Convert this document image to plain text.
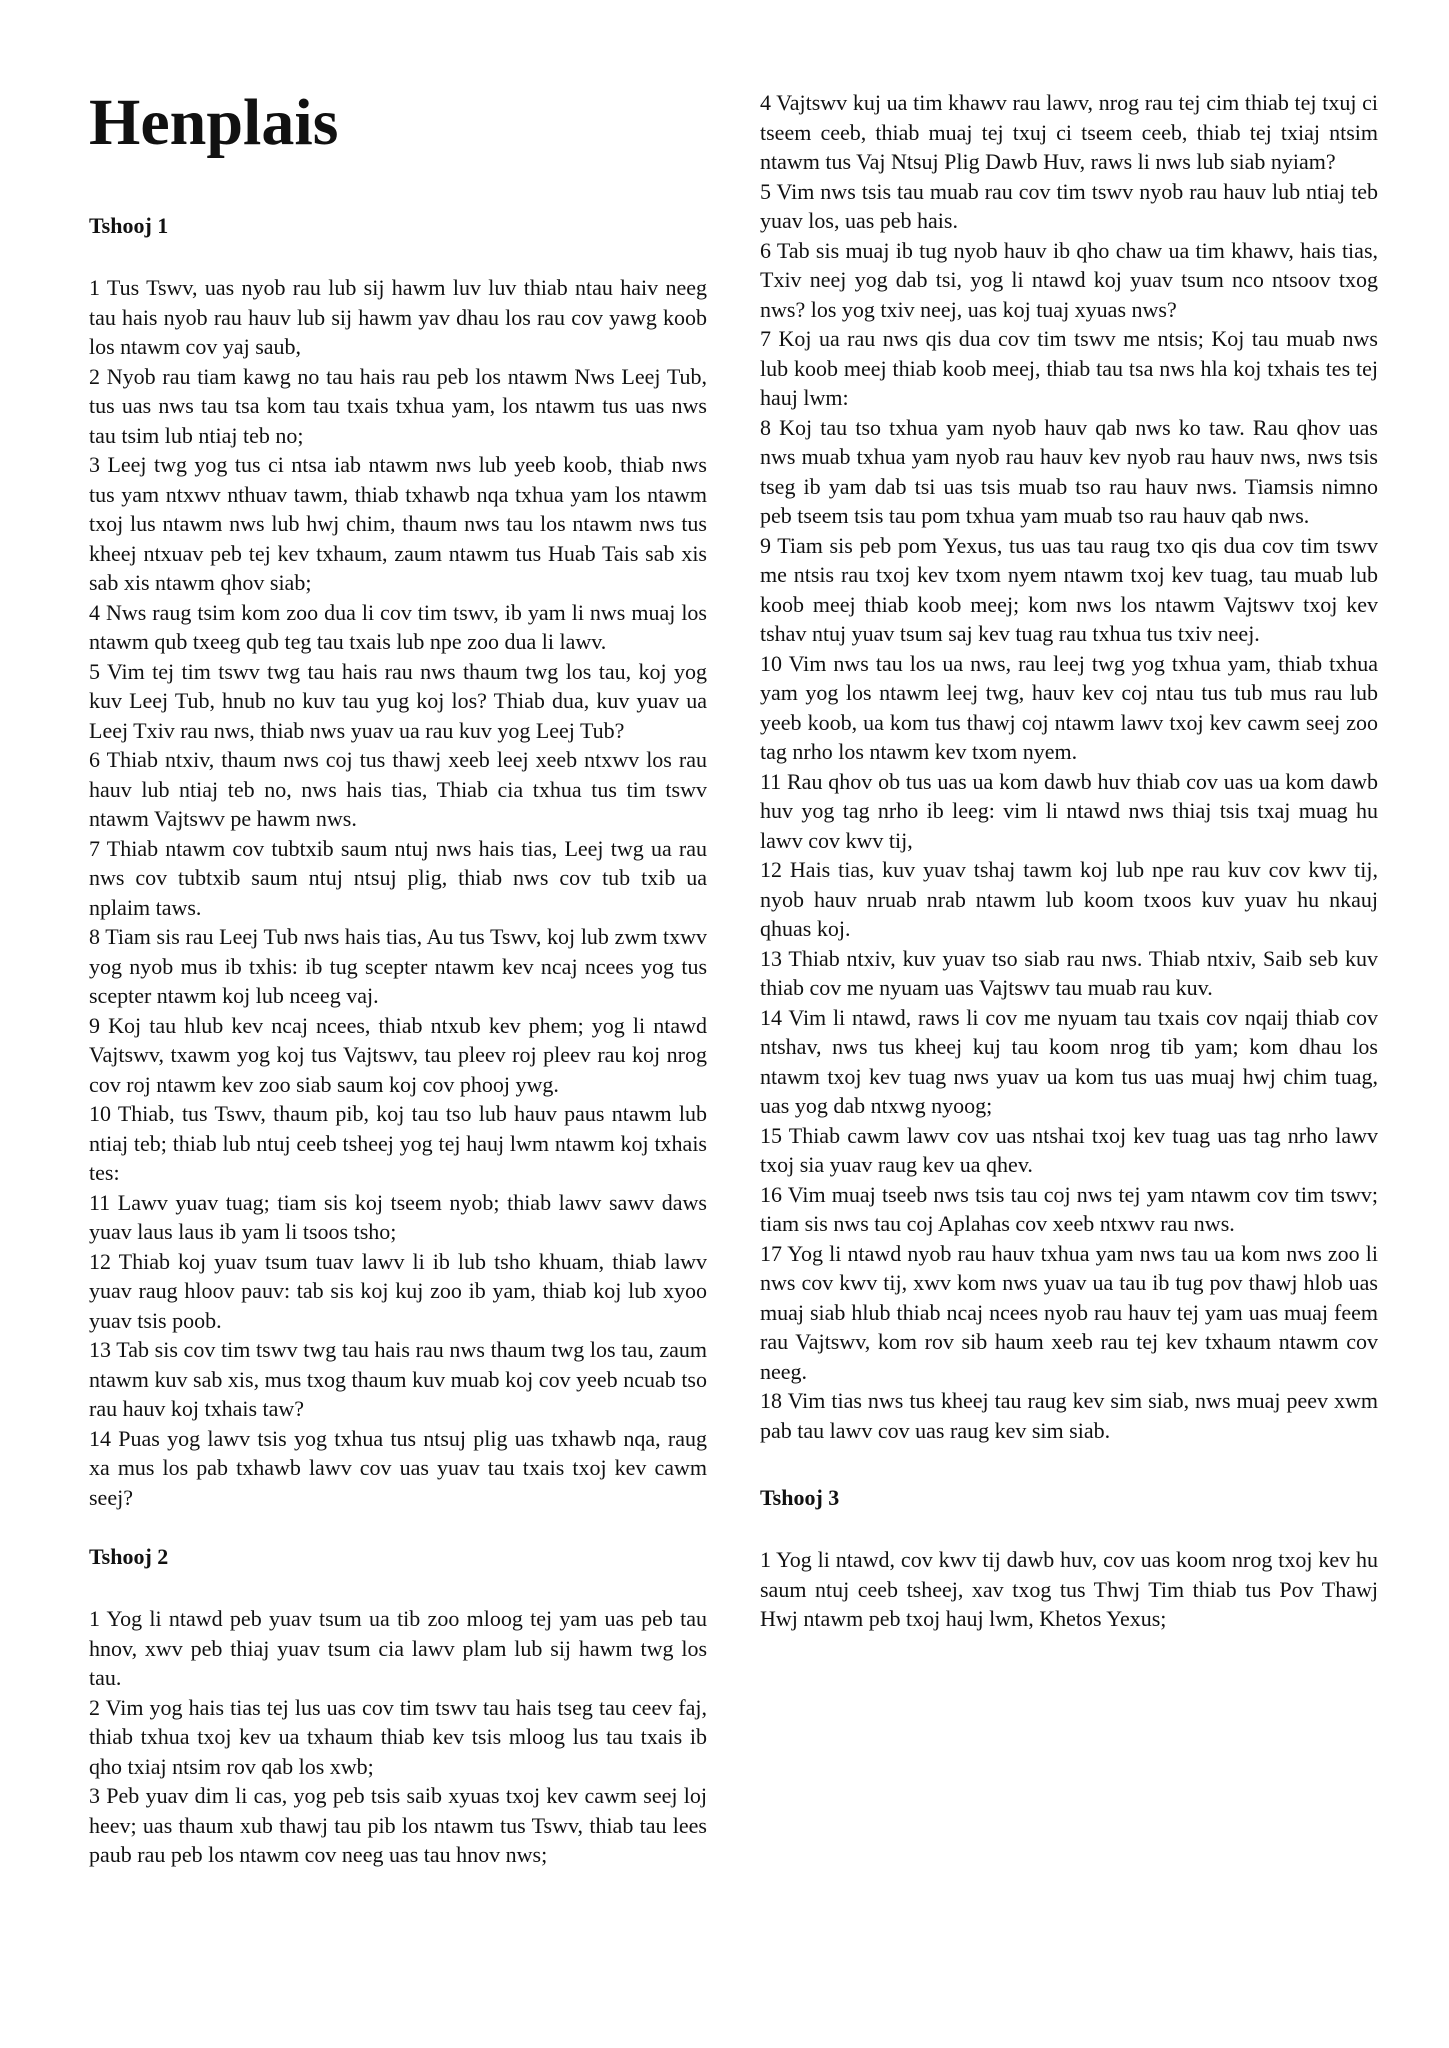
Henplais
Tshooj 1

1 Tus Tswv, uas nyob rau lub sij hawm luv luv thiab ntau haiv neeg tau hais nyob rau hauv lub sij hawm yav dhau los rau cov yawg koob los ntawm cov yaj saub,

2 Nyob rau tiam kawg no tau hais rau peb los ntawm Nws Leej Tub, tus uas nws tau tsa kom tau txais txhua yam, los ntawm tus uas nws tau tsim lub ntiaj teb no;

3 Leej twg yog tus ci ntsa iab ntawm nws lub yeeb koob, thiab nws tus yam ntxwv nthuav tawm, thiab txhawb nqa txhua yam los ntawm txoj lus ntawm nws lub hwj chim, thaum nws tau los ntawm nws tus kheej ntxuav peb tej kev txhaum, zaum ntawm tus Huab Tais sab xis sab xis ntawm qhov siab;

4 Nws raug tsim kom zoo dua li cov tim tswv, ib yam li nws muaj los ntawm qub txeeg qub teg tau txais lub npe zoo dua li lawv.

5 Vim tej tim tswv twg tau hais rau nws thaum twg los tau, koj yog kuv Leej Tub, hnub no kuv tau yug koj los? Thiab dua, kuv yuav ua Leej Txiv rau nws, thiab nws yuav ua rau kuv yog Leej Tub?

6 Thiab ntxiv, thaum nws coj tus thawj xeeb leej xeeb ntxwv los rau hauv lub ntiaj teb no, nws hais tias, Thiab cia txhua tus tim tswv ntawm Vajtswv pe hawm nws.

7 Thiab ntawm cov tubtxib saum ntuj nws hais tias, Leej twg ua rau nws cov tubtxib saum ntuj ntsuj plig, thiab nws cov tub txib ua nplaim taws.

8 Tiam sis rau Leej Tub nws hais tias, Au tus Tswv, koj lub zwm txwv yog nyob mus ib txhis: ib tug scepter ntawm kev ncaj ncees yog tus scepter ntawm koj lub nceeg vaj.

9 Koj tau hlub kev ncaj ncees, thiab ntxub kev phem; yog li ntawd Vajtswv, txawm yog koj tus Vajtswv, tau pleev roj pleev rau koj nrog cov roj ntawm kev zoo siab saum koj cov phooj ywg.

10 Thiab, tus Tswv, thaum pib, koj tau tso lub hauv paus ntawm lub ntiaj teb; thiab lub ntuj ceeb tsheej yog tej hauj lwm ntawm koj txhais tes:

11 Lawv yuav tuag; tiam sis koj tseem nyob; thiab lawv sawv daws yuav laus laus ib yam li tsoos tsho;

12 Thiab koj yuav tsum tuav lawv li ib lub tsho khuam, thiab lawv yuav raug hloov pauv: tab sis koj kuj zoo ib yam, thiab koj lub xyoo yuav tsis poob.

13 Tab sis cov tim tswv twg tau hais rau nws thaum twg los tau, zaum ntawm kuv sab xis, mus txog thaum kuv muab koj cov yeeb ncuab tso rau hauv koj txhais taw?

14 Puas yog lawv tsis yog txhua tus ntsuj plig uas txhawb nqa, raug xa mus los pab txhawb lawv cov uas yuav tau txais txoj kev cawm seej?

Tshooj 2

1 Yog li ntawd peb yuav tsum ua tib zoo mloog tej yam uas peb tau hnov, xwv peb thiaj yuav tsum cia lawv plam lub sij hawm twg los tau.

2 Vim yog hais tias tej lus uas cov tim tswv tau hais tseg tau ceev faj, thiab txhua txoj kev ua txhaum thiab kev tsis mloog lus tau txais ib qho txiaj ntsim rov qab los xwb;

3 Peb yuav dim li cas, yog peb tsis saib xyuas txoj kev cawm seej loj heev; uas thaum xub thawj tau pib los ntawm tus Tswv, thiab tau lees paub rau peb los ntawm cov neeg uas tau hnov nws;

4 Vajtswv kuj ua tim khawv rau lawv, nrog rau tej cim thiab tej txuj ci tseem ceeb, thiab muaj tej txuj ci tseem ceeb, thiab tej txiaj ntsim ntawm tus Vaj Ntsuj Plig Dawb Huv, raws li nws lub siab nyiam?

5 Vim nws tsis tau muab rau cov tim tswv nyob rau hauv lub ntiaj teb yuav los, uas peb hais.

6 Tab sis muaj ib tug nyob hauv ib qho chaw ua tim khawv, hais tias, Txiv neej yog dab tsi, yog li ntawd koj yuav tsum nco ntsoov txog nws? los yog txiv neej, uas koj tuaj xyuas nws?

7 Koj ua rau nws qis dua cov tim tswv me ntsis; Koj tau muab nws lub koob meej thiab koob meej, thiab tau tsa nws hla koj txhais tes tej hauj lwm:

8 Koj tau tso txhua yam nyob hauv qab nws ko taw. Rau qhov uas nws muab txhua yam nyob rau hauv kev nyob rau hauv nws, nws tsis tseg ib yam dab tsi uas tsis muab tso rau hauv nws. Tiamsis nimno peb tseem tsis tau pom txhua yam muab tso rau hauv qab nws.

9 Tiam sis peb pom Yexus, tus uas tau raug txo qis dua cov tim tswv me ntsis rau txoj kev txom nyem ntawm txoj kev tuag, tau muab lub koob meej thiab koob meej; kom nws los ntawm Vajtswv txoj kev tshav ntuj yuav tsum saj kev tuag rau txhua tus txiv neej.

10 Vim nws tau los ua nws, rau leej twg yog txhua yam, thiab txhua yam yog los ntawm leej twg, hauv kev coj ntau tus tub mus rau lub yeeb koob, ua kom tus thawj coj ntawm lawv txoj kev cawm seej zoo tag nrho los ntawm kev txom nyem.

11 Rau qhov ob tus uas ua kom dawb huv thiab cov uas ua kom dawb huv yog tag nrho ib leeg: vim li ntawd nws thiaj tsis txaj muag hu lawv cov kwv tij,

12 Hais tias, kuv yuav tshaj tawm koj lub npe rau kuv cov kwv tij, nyob hauv nruab nrab ntawm lub koom txoos kuv yuav hu nkauj qhuas koj.

13 Thiab ntxiv, kuv yuav tso siab rau nws. Thiab ntxiv, Saib seb kuv thiab cov me nyuam uas Vajtswv tau muab rau kuv.

14 Vim li ntawd, raws li cov me nyuam tau txais cov nqaij thiab cov ntshav, nws tus kheej kuj tau koom nrog tib yam; kom dhau los ntawm txoj kev tuag nws yuav ua kom tus uas muaj hwj chim tuag, uas yog dab ntxwg nyoog;

15 Thiab cawm lawv cov uas ntshai txoj kev tuag uas tag nrho lawv txoj sia yuav raug kev ua qhev.

16 Vim muaj tseeb nws tsis tau coj nws tej yam ntawm cov tim tswv; tiam sis nws tau coj Aplahas cov xeeb ntxwv rau nws.

17 Yog li ntawd nyob rau hauv txhua yam nws tau ua kom nws zoo li nws cov kwv tij, xwv kom nws yuav ua tau ib tug pov thawj hlob uas muaj siab hlub thiab ncaj ncees nyob rau hauv tej yam uas muaj feem rau Vajtswv, kom rov sib haum xeeb rau tej kev txhaum ntawm cov neeg.

18 Vim tias nws tus kheej tau raug kev sim siab, nws muaj peev xwm pab tau lawv cov uas raug kev sim siab.

Tshooj 3

1 Yog li ntawd, cov kwv tij dawb huv, cov uas koom nrog txoj kev hu saum ntuj ceeb tsheej, xav txog tus Thwj Tim thiab tus Pov Thawj Hwj ntawm peb txoj hauj lwm, Khetos Yexus;
